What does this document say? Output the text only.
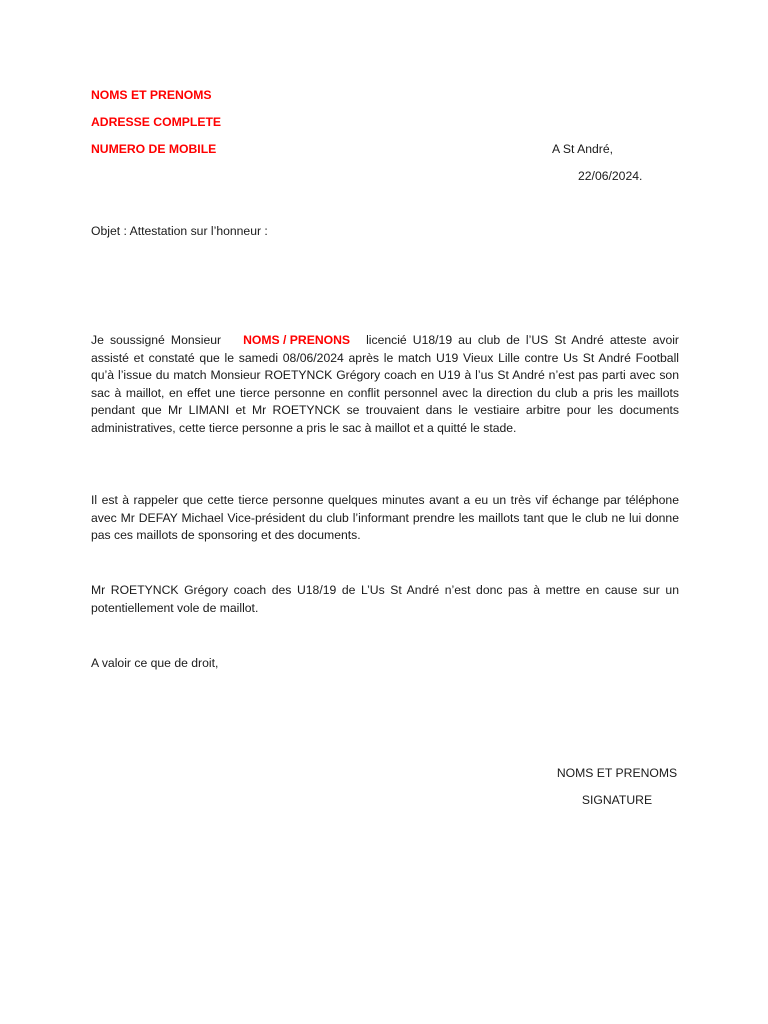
NOMS ET PRENOMS
ADRESSE COMPLETE
NUMERO DE MOBILE	A St André,
22/06/2024.
Objet : Attestation sur l’honneur :
Je soussigné Monsieur NOMS / PRENONS licencié U18/19 au club de l’US St André atteste avoir assisté et constaté que le samedi 08/06/2024 après le match U19 Vieux Lille contre Us St André Football qu’à l’issue du match Monsieur ROETYNCK Grégory coach en U19 à l’us St André n’est pas parti avec son sac à maillot, en effet une tierce personne en conflit personnel avec la direction du club a pris les maillots pendant que Mr LIMANI et Mr ROETYNCK se trouvaient dans le vestiaire arbitre pour les documents administratives, cette tierce personne a pris le sac à maillot et a quitté le stade.
Il est à rappeler que cette tierce personne quelques minutes avant a eu un très vif échange par téléphone avec Mr DEFAY Michael Vice-président du club l’informant prendre les maillots tant que le club ne lui donne pas ces maillots de sponsoring et des documents.
Mr ROETYNCK Grégory coach des U18/19 de L’Us St André n’est donc pas à mettre en cause sur un potentiellement vole de maillot.
A valoir ce que de droit,
NOMS ET PRENOMS
SIGNATURE
